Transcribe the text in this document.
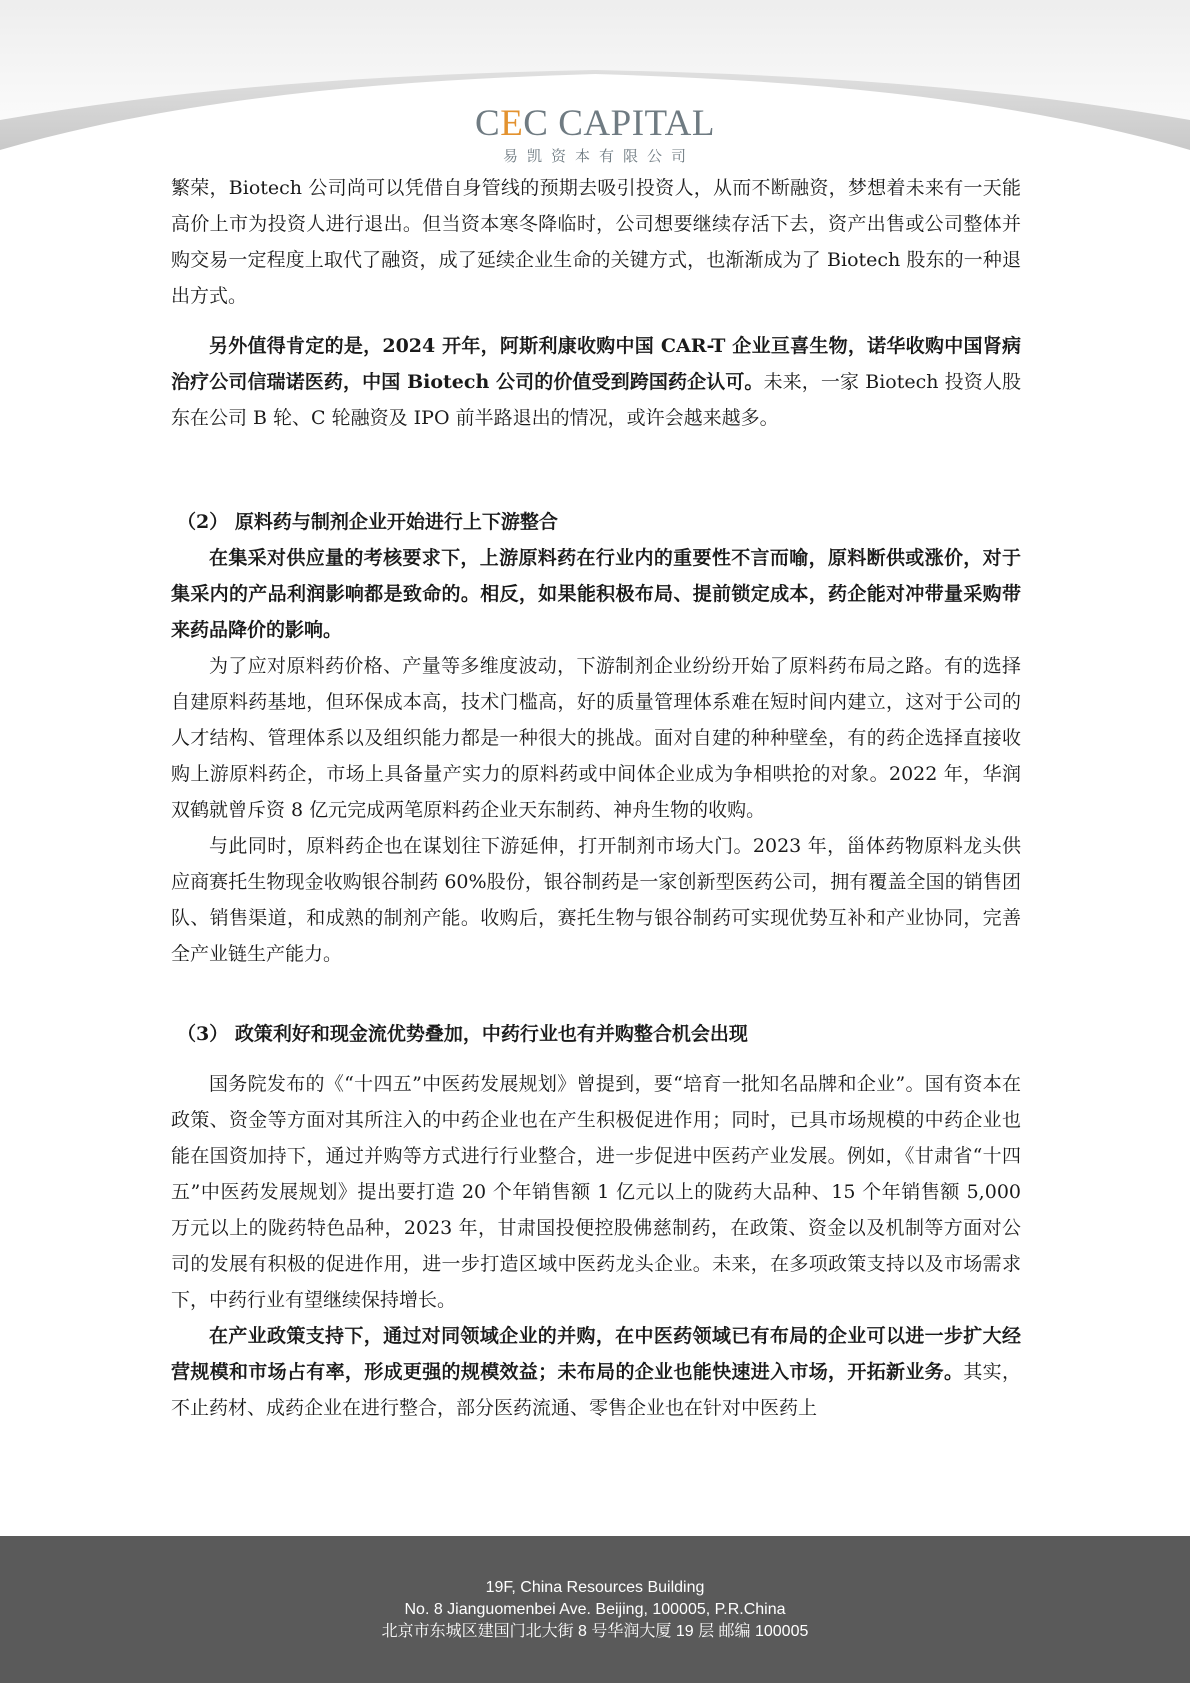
CEC CAPITAL
易凯资本有限公司

繁荣，Biotech 公司尚可以凭借自身管线的预期去吸引投资人，从而不断融资，梦想着未来有一天能高价上市为投资人进行退出。但当资本寒冬降临时，公司想要继续存活下去，资产出售或公司整体并购交易一定程度上取代了融资，成了延续企业生命的关键方式，也渐渐成为了 Biotech 股东的一种退出方式。

另外值得肯定的是，2024 开年，阿斯利康收购中国 CAR-T 企业亘喜生物，诺华收购中国肾病治疗公司信瑞诺医药，中国 Biotech 公司的价值受到跨国药企认可。未来，一家 Biotech 投资人股东在公司 B 轮、C 轮融资及 IPO 前半路退出的情况，或许会越来越多。

（2） 原料药与制剂企业开始进行上下游整合

在集采对供应量的考核要求下，上游原料药在行业内的重要性不言而喻，原料断供或涨价，对于集采内的产品利润影响都是致命的。相反，如果能积极布局、提前锁定成本，药企能对冲带量采购带来药品降价的影响。

为了应对原料药价格、产量等多维度波动，下游制剂企业纷纷开始了原料药布局之路。有的选择自建原料药基地，但环保成本高，技术门槛高，好的质量管理体系难在短时间内建立，这对于公司的人才结构、管理体系以及组织能力都是一种很大的挑战。面对自建的种种壁垒，有的药企选择直接收购上游原料药企，市场上具备量产实力的原料药或中间体企业成为争相哄抢的对象。2022 年，华润双鹤就曾斥资 8 亿元完成两笔原料药企业天东制药、神舟生物的收购。

与此同时，原料药企也在谋划往下游延伸，打开制剂市场大门。2023 年，甾体药物原料龙头供应商赛托生物现金收购银谷制药 60%股份，银谷制药是一家创新型医药公司，拥有覆盖全国的销售团队、销售渠道，和成熟的制剂产能。收购后，赛托生物与银谷制药可实现优势互补和产业协同，完善全产业链生产能力。

（3） 政策利好和现金流优势叠加，中药行业也有并购整合机会出现

国务院发布的《“十四五”中医药发展规划》曾提到，要“培育一批知名品牌和企业”。国有资本在政策、资金等方面对其所注入的中药企业也在产生积极促进作用；同时，已具市场规模的中药企业也能在国资加持下，通过并购等方式进行行业整合，进一步促进中医药产业发展。例如，《甘肃省“十四五”中医药发展规划》提出要打造 20 个年销售额 1 亿元以上的陇药大品种、15 个年销售额 5,000 万元以上的陇药特色品种，2023 年，甘肃国投便控股佛慈制药，在政策、资金以及机制等方面对公司的发展有积极的促进作用，进一步打造区域中医药龙头企业。未来，在多项政策支持以及市场需求下，中药行业有望继续保持增长。

在产业政策支持下，通过对同领域企业的并购，在中医药领域已有布局的企业可以进一步扩大经营规模和市场占有率，形成更强的规模效益；未布局的企业也能快速进入市场，开拓新业务。其实，不止药材、成药企业在进行整合，部分医药流通、零售企业也在针对中医药上

19F, China Resources Building
No. 8 Jianguomenbei Ave. Beijing, 100005, P.R.China
北京市东城区建国门北大街 8 号华润大厦 19 层 邮编 100005
